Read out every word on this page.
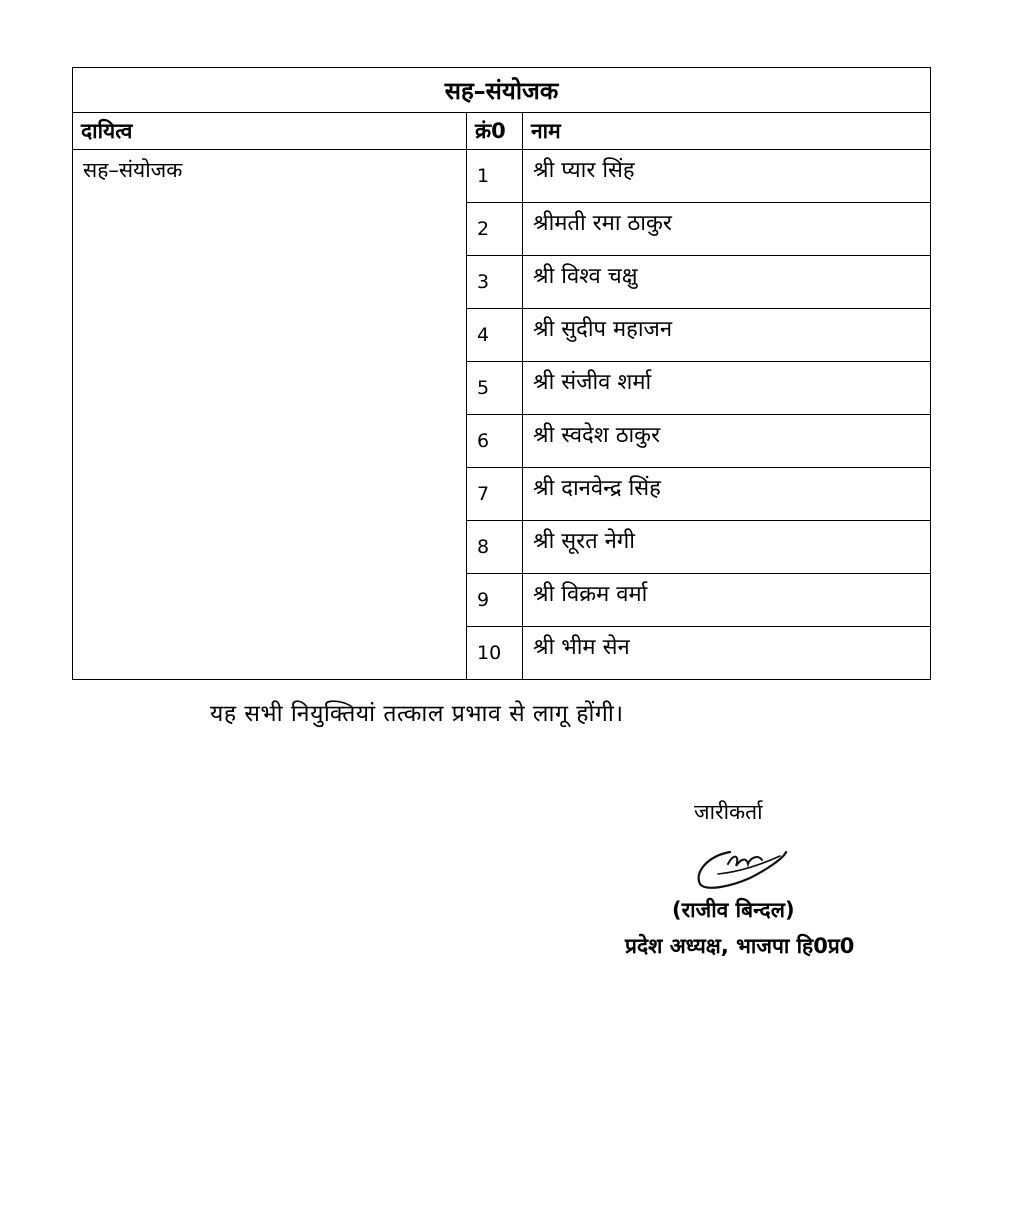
सह–संयोजक		
दायित्व	क्रं0	नाम
सह–संयोजक	1	श्री प्यार सिंह
	2	श्रीमती रमा ठाकुर
	3	श्री विश्व चक्षु
	4	श्री सुदीप महाजन
	5	श्री संजीव शर्मा
	6	श्री स्वदेश ठाकुर
	7	श्री दानवेन्द्र सिंह
	8	श्री सूरत नेगी
	9	श्री विक्रम वर्मा
	10	श्री भीम सेन
यह सभी नियुक्तियां तत्काल प्रभाव से लागू होंगी।
जारीकर्ता
(राजीव बिन्दल)
प्रदेश अध्यक्ष, भाजपा हि0प्र0
